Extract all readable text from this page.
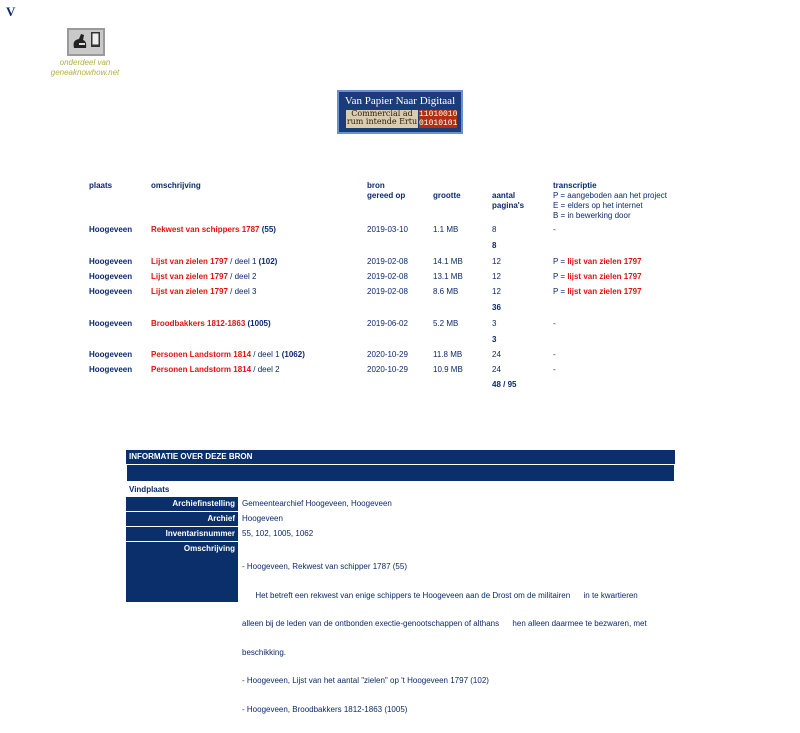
V
onderdeel van
geneaknowhow.net
Van Papier Naar Digitaal
Commercial ad rum intende Ertu
11010010
01010101
plaats	omschrijving	bron
gereed op	grootte	aantal
pagina's
transcriptie
P = aangeboden aan het project
E = elders op het internet
B = in bewerking door
Hoogeveen Rekwest van schippers 1787 (55)	2019-03-10	1.1 MB	8	-
8
Hoogeveen Lijst van zielen 1797 / deel 1 (102)	2019-02-08	14.1 MB	12	P = lijst van zielen 1797
Hoogeveen Lijst van zielen 1797 / deel 2	2019-02-08	13.1 MB	12	P = lijst van zielen 1797
Hoogeveen Lijst van zielen 1797 / deel 3	2019-02-08	8.6 MB	12	P = lijst van zielen 1797
36
Hoogeveen Broodbakkers 1812-1863 (1005)	2019-06-02	5.2 MB	3	-
3
Hoogeveen Personen Landstorm 1814 / deel 1 (1062)	2020-10-29	11.8 MB	24	-
Hoogeveen Personen Landstorm 1814 / deel 2	2020-10-29	10.9 MB	24	-
48 / 95
INFORMATIE OVER DEZE BRON
Vindplaats
Archiefinstelling Gemeentearchief Hoogeveen, Hoogeveen
Archief Hoogeveen
Inventarisnummer 55, 102, 1005, 1062
Omschrijving

- Hoogeveen, Rekwest van schipper 1787 (55)

Het betreft een rekwest van enige schippers te Hoogeveen aan de Drost om de militairen      in te kwartieren

alleen bij de leden van de ontbonden exectie-genootschappen of althans      hen alleen daarmee te bezwaren, met

beschikking.

- Hoogeveen, Lijst van het aantal "zielen" op 't Hoogeveen 1797 (102)

- Hoogeveen, Broodbakkers 1812-1863 (1005)
